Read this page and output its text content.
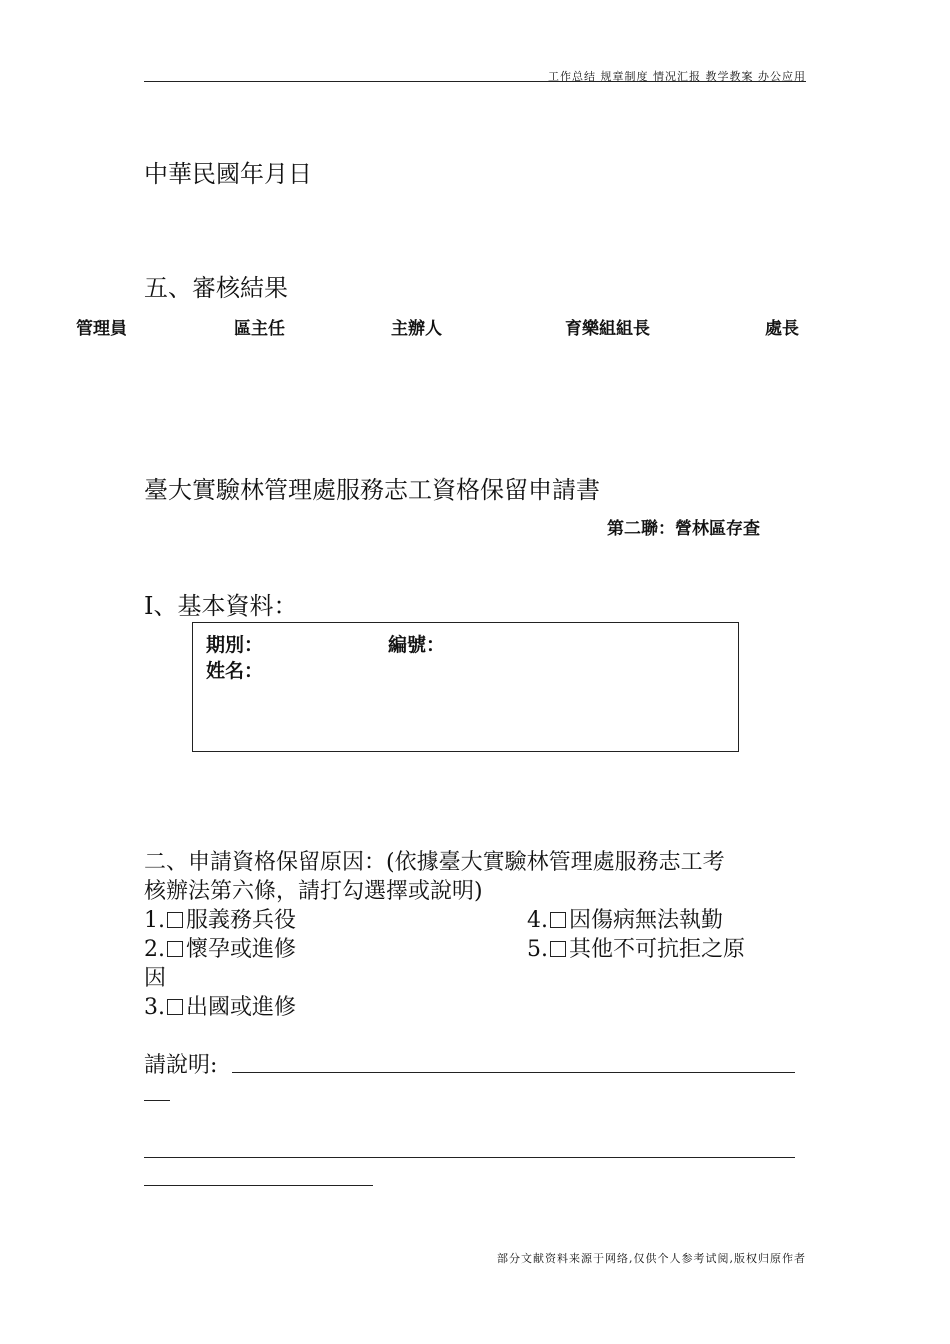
工作总结 规章制度 情况汇报 教学教案 办公应用
中華民國年月日
五、審核結果
管理員	區主任	主辦人	育樂組組長	處長
臺大實驗林管理處服務志工資格保留申請書
第二聯：營林區存查
Ⅰ、基本資料：
期別：	編號：
姓名：
二、申請資格保留原因：(依據臺大實驗林管理處服務志工考
核辦法第六條，請打勾選擇或說明)
1. 服義務兵役	4. 因傷病無法執勤
2. 懷孕或進修	5. 其他不可抗拒之原
因
3. 出國或進修
請說明:
部分文献资料来源于网络,仅供个人参考试阅,版权归原作者
